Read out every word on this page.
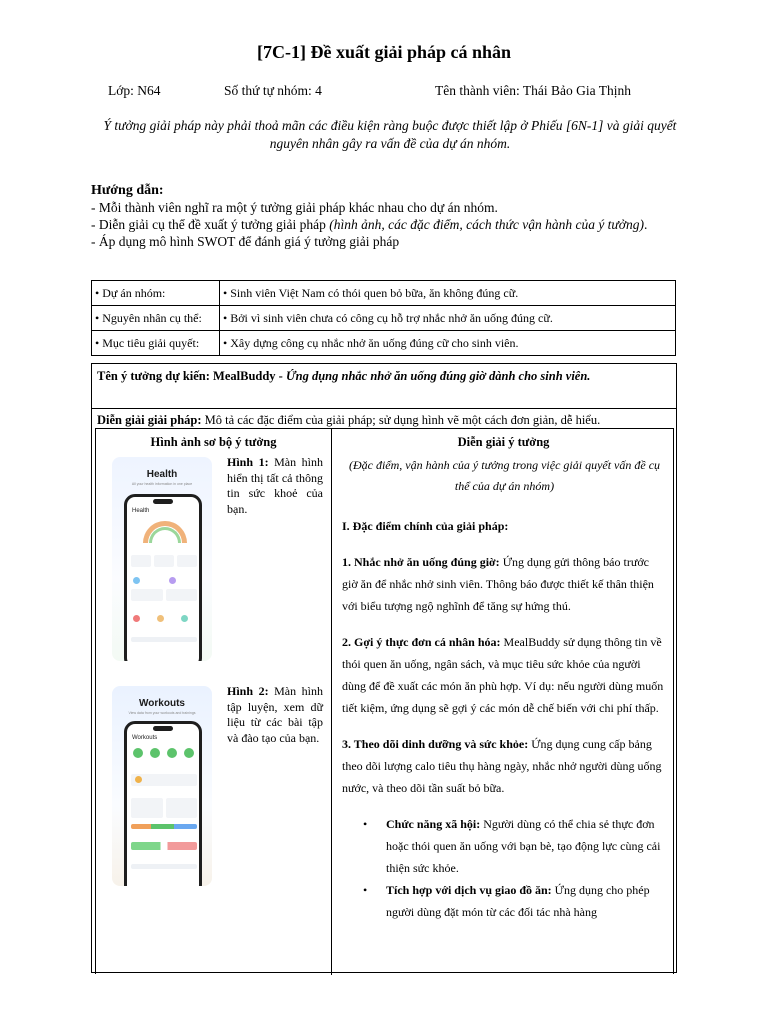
[7C-1] Đề xuất giải pháp cá nhân
Lớp: N64	Số thứ tự nhóm: 4	Tên thành viên: Thái Bảo Gia Thịnh
Ý tưởng giải pháp này phải thoả mãn các điều kiện ràng buộc được thiết lập ở Phiếu [6N-1] và giải quyết nguyên nhân gây ra vấn đề của dự án nhóm.
Hướng dẫn:
- Mỗi thành viên nghĩ ra một ý tưởng giải pháp khác nhau cho dự án nhóm.
- Diễn giải cụ thể đề xuất ý tưởng giải pháp (hình ảnh, các đặc điểm, cách thức vận hành của ý tưởng).
- Áp dụng mô hình SWOT để đánh giá ý tưởng giải pháp
• Dự án nhóm:	• Sinh viên Việt Nam có thói quen bỏ bữa, ăn không đúng cữ.
• Nguyên nhân cụ thể:	• Bởi vì sinh viên chưa có công cụ hỗ trợ nhắc nhở ăn uống đúng cữ.
• Mục tiêu giải quyết:	• Xây dựng công cụ nhắc nhở ăn uống đúng cữ cho sinh viên.
Tên ý tưởng dự kiến: MealBuddy - Ứng dụng nhắc nhở ăn uống đúng giờ dành cho sinh viên.
Diễn giải giải pháp: Mô tả các đặc điểm của giải pháp; sử dụng hình vẽ một cách đơn giản, dễ hiểu.
Hình ảnh sơ bộ ý tưởng	Diễn giải ý tưởng
(Đặc điểm, vận hành của ý tưởng trong việc giải quyết vấn đề cụ thể của dự án nhóm)
Health
All your health information in one place
Health
Hình 1: Màn hình hiển thị tất cả thông tin sức khoẻ của bạn.
Workouts
View data from your workouts and trainings
Workouts
Hình 2: Màn hình tập luyện, xem dữ liệu từ các bài tập và đào tạo của bạn.

I. Đặc điểm chính của giải pháp:

1. Nhắc nhở ăn uống đúng giờ: Ứng dụng gửi thông báo trước giờ ăn để nhắc nhở sinh viên. Thông báo được thiết kế thân thiện với biểu tượng ngộ nghĩnh để tăng sự hứng thú.

2. Gợi ý thực đơn cá nhân hóa: MealBuddy sử dụng thông tin về thói quen ăn uống, ngân sách, và mục tiêu sức khỏe của người dùng để đề xuất các món ăn phù hợp. Ví dụ: nếu người dùng muốn tiết kiệm, ứng dụng sẽ gợi ý các món dễ chế biến với chi phí thấp.

3. Theo dõi dinh dưỡng và sức khỏe: Ứng dụng cung cấp bảng theo dõi lượng calo tiêu thụ hàng ngày, nhắc nhở người dùng uống nước, và theo dõi tần suất bỏ bữa.

• Chức năng xã hội: Người dùng có thể chia sẻ thực đơn hoặc thói quen ăn uống với bạn bè, tạo động lực cùng cải thiện sức khỏe.
• Tích hợp với dịch vụ giao đồ ăn: Ứng dụng cho phép người dùng đặt món từ các đối tác nhà hàng
